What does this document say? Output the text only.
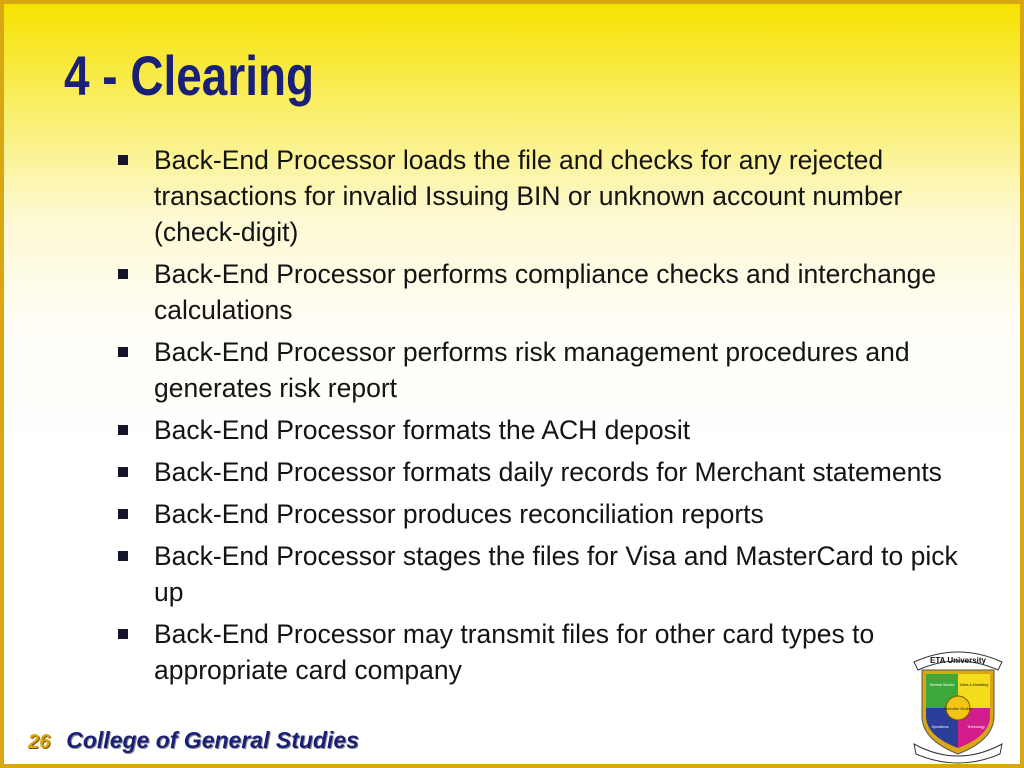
4 - Clearing
Back-End Processor loads the file and checks for any rejected transactions for invalid Issuing BIN or unknown account number (check-digit)
Back-End Processor performs compliance checks and interchange calculations
Back-End Processor performs risk management procedures and generates risk report
Back-End Processor formats the ACH deposit
Back-End Processor formats daily records for Merchant statements
Back-End Processor produces reconciliation reports
Back-End Processor stages the files for Visa and MasterCard to pick up
Back-End Processor may transmit files for other card types to appropriate card company
26 College of General Studies
ETA University
Executive Studies
General Studies Sales & Marketing
Operations	Technology
